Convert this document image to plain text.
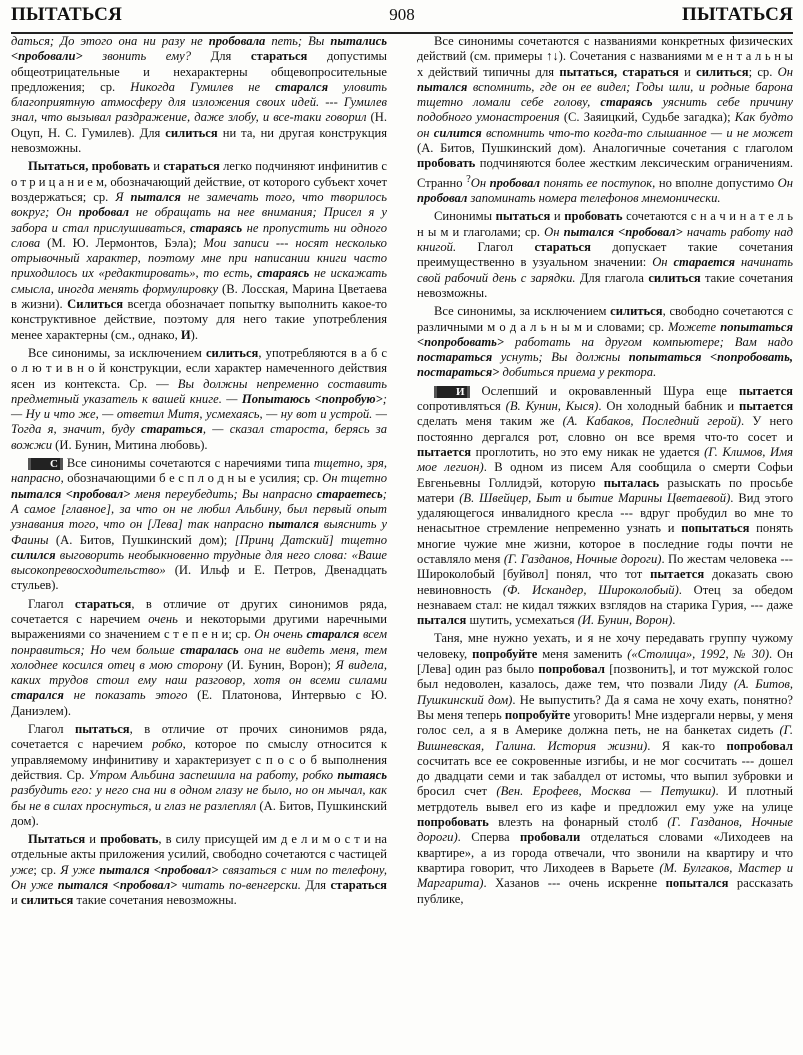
ПЫТАТЬСЯ	908	ПЫТАТЬСЯ

даться; До этого она ни разу не пробовала петь; Вы пытались <пробовали> звонить ему? Для стараться допустимы общеотрицательные и нехарактерны общевопросительные предложения; ср. Никогда Гумилев не старался уловить благоприятную атмосферу для изложения своих идей. --- Гумилев знал, что вызывал раздражение, даже злобу, и все-таки говорил (Н. Оцуп, Н. С. Гумилев). Для силиться ни та, ни другая конструкция невозможны.

Пытаться, пробовать и стараться легко подчиняют инфинитив с о т р и ц а н и е м, обозначающий действие, от которого субъект хочет воздержаться; ср. Я пытался не замечать того, что творилось вокруг; Он пробовал не обращать на нее внимания; Присел я у забора и стал прислушиваться, стараясь не пропустить ни одного слова (М. Ю. Лермонтов, Бэла); Мои записи --- носят несколько отрывочный характер, поэтому мне при написании книги часто приходилось их «редактировать», то есть, стараясь не искажать смысла, иногда менять формулировку (В. Лосская, Марина Цветаева в жизни). Силиться всегда обозначает попытку выполнить какое-то конструктивное действие, поэтому для него такие употребления менее характерны (см., однако, И).

Все синонимы, за исключением силиться, употребляются в а б с о л ю т и в н о й конструкции, если характер намеченного действия ясен из контекста. Ср. — Вы должны непременно составить предметный указатель к вашей книге. — Попытаюсь <попробую>; — Ну и что же, — ответил Митя, усмехаясь, — ну вот и устрой. — Тогда я, значит, буду стараться, — сказал староста, берясь за вожжи (И. Бунин, Митина любовь).

С Все синонимы сочетаются с наречиями типа тщетно, зря, напрасно, обозначающими б е с п л о д н ы е усилия; ср. Он тщетно пытался <пробовал> меня переубедить; Вы напрасно стараетесь; А самое [главное], за что он не любил Альбину, был первый опыт узнавания того, что он [Лева] так напрасно пытался выяснить у Фаины (А. Битов, Пушкинский дом); [Принц Датский] тщетно силился выговорить необыкновенно трудные для него слова: «Ваше высокопревосходительство» (И. Ильф и Е. Петров, Двенадцать стульев).

Глагол стараться, в отличие от других синонимов ряда, сочетается с наречием очень и некоторыми другими наречными выражениями со значением с т е п е н и; ср. Он очень старался всем понравиться; Но чем больше старалась она не видеть меня, тем холоднее косился отец в мою сторону (И. Бунин, Ворон); Я видела, каких трудов стоил ему наш разговор, хотя он всеми силами старался не показать этого (Е. Платонова, Интервью с Ю. Даниэлем).

Глагол пытаться, в отличие от прочих синонимов ряда, сочетается с наречием робко, которое по смыслу относится к управляемому инфинитиву и характеризует с п о с о б выполнения действия. Ср. Утром Альбина заспешила на работу, робко пытаясь разбудить его: у него сна ни в одном глазу не было, но он мычал, как бы не в силах проснуться, и глаз не разлеплял (А. Битов, Пушкинский дом).

Пытаться и пробовать, в силу присущей им д е л и м о с т и на отдельные акты приложения усилий, свободно сочетаются с частицей уже; ср. Я уже пытался <пробовал> связаться с ним по телефону, Он уже пытался <пробовал> читать по-венгерски. Для стараться и силиться такие сочетания невозможны.

Все синонимы сочетаются с названиями конкретных физических действий (см. примеры ↑↓). Сочетания с названиями м е н т а л ь н ы х действий типичны для пытаться, стараться и силиться; ср. Он пытался вспомнить, где он ее видел; Годы шли, и родные барона тщетно ломали себе голову, стараясь уяснить себе причину подобного умонастроения (С. Заяицкий, Судьбе загадка); Как будто он силится вспомнить что-то когда-то слышанное — и не может (А. Битов, Пушкинский дом). Аналогичные сочетания с глаголом пробовать подчиняются более жестким лексическим ограничениям. Странно ?Он пробовал понять ее поступок, но вполне допустимо Он пробовал запоминать номера телефонов мнемонически.

Синонимы пытаться и пробовать сочетаются с н а ч и н а т е л ь н ы м и глаголами; ср. Он пытался <пробовал> начать работу над книгой. Глагол стараться допускает такие сочетания преимущественно в узуальном значении: Он старается начинать свой рабочий день с зарядки. Для глагола силиться такие сочетания невозможны.

Все синонимы, за исключением силиться, свободно сочетаются с различными м о д а л ь н ы м и словами; ср. Можете попытаться <попробовать> работать на другом компьютере; Вам надо постараться уснуть; Вы должны попытаться <попробовать, постараться> добиться приема у ректора.

И Ослепший и окровавленный Шура еще пытается сопротивляться (В. Кунин, Кыся). Он холодный бабник и пытается сделать меня таким же (А. Кабаков, Последний герой). У него постоянно дергался рот, словно он все время что-то сосет и пытается проглотить, но это ему никак не удается (Г. Климов, Имя мое легион). В одном из писем Аля сообщила о смерти Софьи Евгеньевны Голлидэй, которую пыталась разыскать по просьбе матери (В. Швейцер, Быт и бытие Марины Цветаевой). Вид этого удаляющегося инвалидного кресла --- вдруг пробудил во мне то ненасытное стремление непременно узнать и попытаться понять многие чужие мне жизни, которое в последние годы почти не оставляло меня (Г. Газданов, Ночные дороги). По жестам человека --- Широколобый [буйвол] понял, что тот пытается доказать свою невиновность (Ф. Искандер, Широколобый). Отец за обедом незнаваем стал: не кидал тяжких взглядов на старика Гурия, --- даже пытался шутить, усмехаться (И. Бунин, Ворон).

Таня, мне нужно уехать, и я не хочу передавать группу чужому человеку, попробуйте меня заменить («Столица», 1992, № 30). Он [Лева] один раз было попробовал [позвонить], и тот мужской голос был недоволен, казалось, даже тем, что позвали Лиду (А. Битов, Пушкинский дом). Не выпустить? Да я сама не хочу ехать, понятно? Вы меня теперь попробуйте уговорить! Мне издергали нервы, у меня голос сел, а я в Америке должна петь, не на банкетах сидеть (Г. Вишневская, Галина. История жизни). Я как-то попробовал сосчитать все ее сокровенные изгибы, и не мог сосчитать --- дошел до двадцати семи и так забалдел от истомы, что выпил зубровки и бросил счет (Вен. Ерофеев, Москва — Петушки). И плотный метрдотель вывел его из кафе и предложил ему уже на улице попробовать влезть на фонарный столб (Г. Газданов, Ночные дороги). Сперва пробовали отделаться словами «Лиходеев на квартире», а из города отвечали, что звонили на квартиру и что квартира говорит, что Лиходеев в Варьете (М. Булгаков, Мастер и Маргарита). Хазанов --- очень искренне попытался рассказать публике,
